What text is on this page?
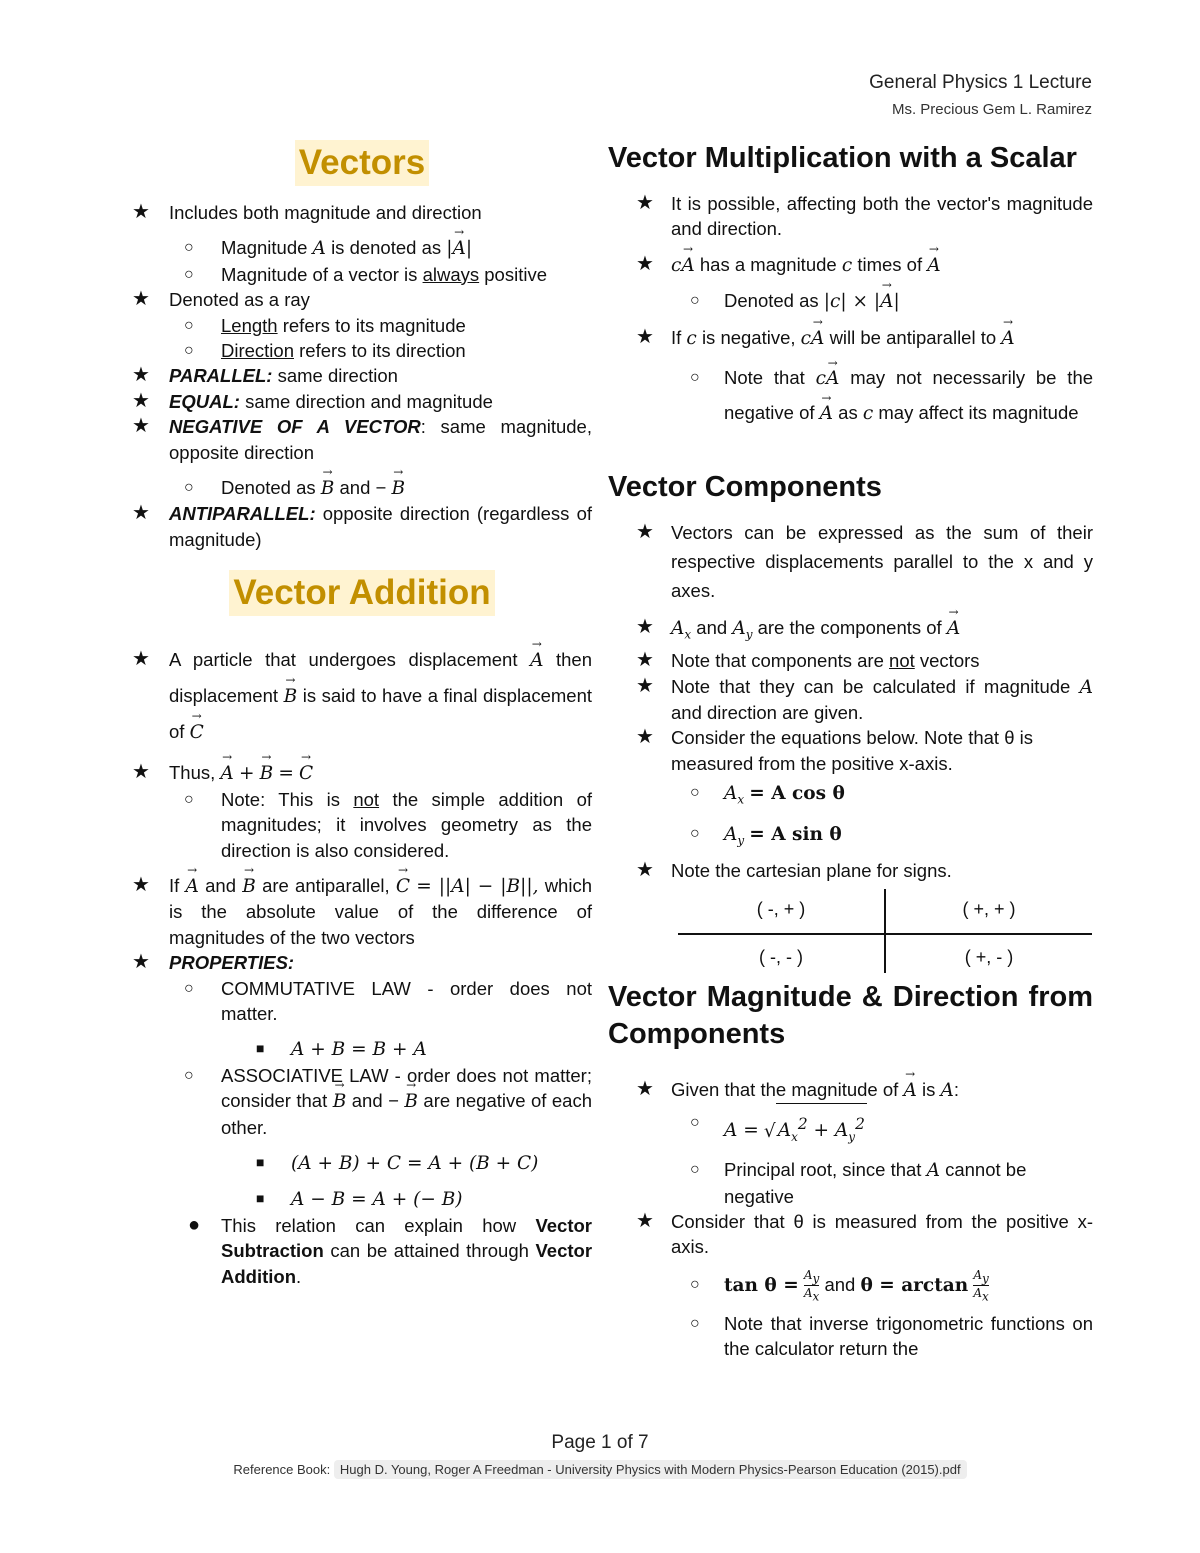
General Physics 1 Lecture
Ms. Precious Gem L. Ramirez
Vectors
★ Includes both magnitude and direction
○ Magnitude A is denoted as |→ A|
○ Magnitude of a vector is always positive
★ Denoted as a ray
○ Length refers to its magnitude
○ Direction refers to its direction
★ PARALLEL: same direction
★ EQUAL: same direction and magnitude
★ NEGATIVE OF A VECTOR: same magnitude, opposite direction
○ Denoted as → B and − → B
★ ANTIPARALLEL: opposite direction (regardless of magnitude)
Vector Addition
★ A particle that undergoes displacement → A then displacement → B is said to have a final displacement of → C
★ Thus, → A + → B = → C
○ Note: This is not the simple addition of magnitudes; it involves geometry as the direction is also considered.
★ If → A and → B are antiparallel, → C = ||A| − |B||, which is the absolute value of the difference of magnitudes of the two vectors
★ PROPERTIES:
○ COMMUTATIVE LAW - order does not matter.
■ A + B = B + A
○ ASSOCIATIVE LAW - order does not matter; consider that → B and − → B are negative of each other.
■ (A + B) + C = A + (B + C)
■ A − B = A + (− B)
● This relation can explain how Vector Subtraction can be attained through Vector Addition.
Vector Multiplication with a Scalar
★ It is possible, affecting both the vector's magnitude and direction.
★ c→ A has a magnitude c times of → A
○ Denoted as |c| × |→ A|
★ If c is negative, c→ A will be antiparallel to → A
○ Note that c→ A may not necessarily be the negative of → A as c may affect its magnitude
Vector Components
★ Vectors can be expressed as the sum of their respective displacements parallel to the x and y axes.
★ $A_x$ and $A_y$ are the components of → A
★ Note that components are not vectors
★ Note that they can be calculated if magnitude A and direction are given.
★ Consider the equations below. Note that θ is measured from the positive x-axis.
○ $A_x = A$ cos θ
○ $A_y = A$ sin θ
★ Note the cartesian plane for signs.
( -, + )	( +, + )
( -, - )	( +, - )
Vector Magnitude & Direction from Components
★ Given that the magnitude of → A is A:
○ A = √ $A_x^2 + A_y^2$
○ Principal root, since that A cannot be negative
★ Consider that θ is measured from the positive x-axis.
○ $\tan \theta = \frac{A_y}{A_x}$ and $\theta = \arctan \frac{A_y}{A_x}$
○ Note that inverse trigonometric functions on the calculator return the
Page 1 of 7
Reference Book: Hugh D. Young, Roger A Freedman - University Physics with Modern Physics-Pearson Education (2015).pdf
